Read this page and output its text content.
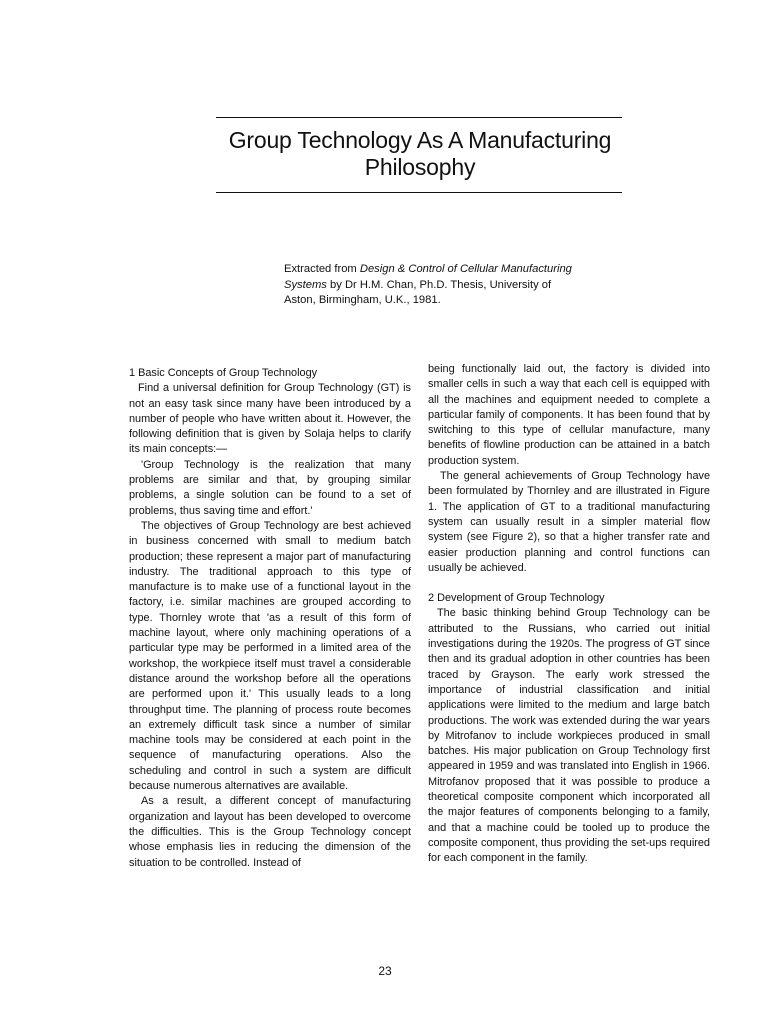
Group Technology As A Manufacturing
Philosophy
Extracted from Design & Control of Cellular Manufacturing Systems by Dr H.M. Chan, Ph.D. Thesis, University of Aston, Birmingham, U.K., 1981.
1 Basic Concepts of Group Technology

Find a universal definition for Group Technology (GT) is not an easy task since many have been introduced by a number of people who have written about it. However, the following definition that is given by Solaja helps to clarify its main concepts:—

'Group Technology is the realization that many problems are similar and that, by grouping similar problems, a single solution can be found to a set of problems, thus saving time and effort.'

The objectives of Group Technology are best achieved in business concerned with small to medium batch production; these represent a major part of manufacturing industry. The traditional approach to this type of manufacture is to make use of a functional layout in the factory, i.e. similar machines are grouped according to type. Thornley wrote that 'as a result of this form of machine layout, where only machining operations of a particular type may be performed in a limited area of the workshop, the workpiece itself must travel a considerable distance around the workshop before all the operations are performed upon it.' This usually leads to a long throughput time. The planning of process route becomes an extremely difficult task since a number of similar machine tools may be considered at each point in the sequence of manufacturing operations. Also the scheduling and control in such a system are difficult because numerous alternatives are available.

As a result, a different concept of manufacturing organization and layout has been developed to overcome the difficulties. This is the Group Technology concept whose emphasis lies in reducing the dimension of the situation to be controlled. Instead of

being functionally laid out, the factory is divided into smaller cells in such a way that each cell is equipped with all the machines and equipment needed to complete a particular family of components. It has been found that by switching to this type of cellular manufacture, many benefits of flowline production can be attained in a batch production system.

The general achievements of Group Technology have been formulated by Thornley and are illustrated in Figure 1. The application of GT to a traditional manufacturing system can usually result in a simpler material flow system (see Figure 2), so that a higher transfer rate and easier production planning and control functions can usually be achieved.

2 Development of Group Technology

The basic thinking behind Group Technology can be attributed to the Russians, who carried out initial investigations during the 1920s. The progress of GT since then and its gradual adoption in other countries has been traced by Grayson. The early work stressed the importance of industrial classification and initial applications were limited to the medium and large batch productions. The work was extended during the war years by Mitrofanov to include workpieces produced in small batches. His major publication on Group Technology first appeared in 1959 and was translated into English in 1966. Mitrofanov proposed that it was possible to produce a theoretical composite component which incorporated all the major features of components belonging to a family, and that a machine could be tooled up to produce the composite component, thus providing the set-ups required for each component in the family.

23
